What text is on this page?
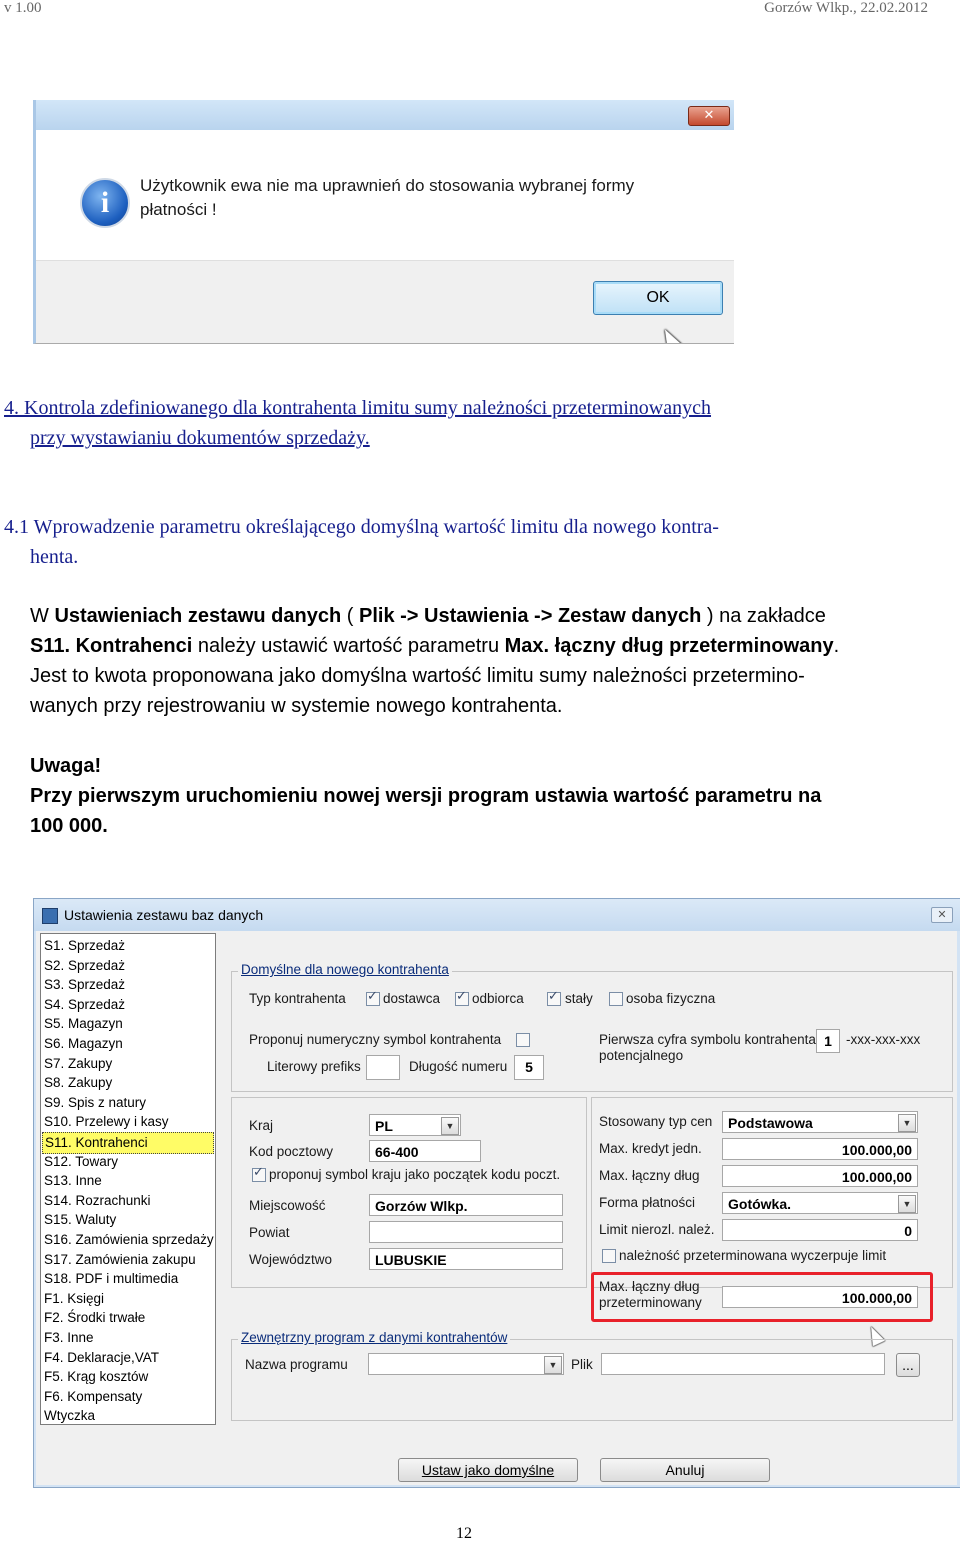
v 1.00	Gorzów Wlkp., 22.02.2012
✕
i
Użytkownik ewa nie ma uprawnień do stosowania wybranej formy
płatności !
OK
4. Kontrola zdefiniowanego dla kontrahenta limitu sumy należności przeterminowanych
przy wystawianiu dokumentów sprzedaży.
4.1 Wprowadzenie parametru określającego domyślną wartość limitu dla nowego kontra-
henta.
W Ustawieniach zestawu danych ( Plik -> Ustawienia -> Zestaw danych ) na zakładce
S11. Kontrahenci należy ustawić wartość parametru Max. łączny dług przeterminowany.
Jest to kwota proponowana jako domyślna wartość limitu sumy należności przetermino-
wanych przy rejestrowaniu w systemie nowego kontrahenta.
Uwaga!
Przy pierwszym uruchomieniu nowej wersji program ustawia wartość parametru na
100 000.
Ustawienia zestawu baz danych	✕
S1. Sprzedaż
S2. Sprzedaż
S3. Sprzedaż
S4. Sprzedaż
S5. Magazyn
S6. Magazyn
S7. Zakupy
S8. Zakupy
S9. Spis z natury
S10. Przelewy i kasy
S11. Kontrahenci
S12. Towary
S13. Inne
S14. Rozrachunki
S15. Waluty
S16. Zamówienia sprzedaży
S17. Zamówienia zakupu
S18. PDF i multimedia
F1. Księgi
F2. Środki trwałe
F3. Inne
F4. Deklaracje,VAT
F5. Krąg kosztów
F6. Kompensaty
Wtyczka
Domyślne dla nowego kontrahenta
Typ kontrahenta ✓	dostawca ✓ odbiorca ✓	stały osoba fizyczna
Proponuj numeryczny symbol kontrahenta
Literowy prefiks	Długość numeru	5
Pierwsza cyfra symbolu kontrahenta
potencjalnego
1	-xxx-xxx-xxx
Kraj	PL	▼
Kod pocztowy	66-400
✓
proponuj symbol kraju jako początek kodu poczt.
Miejscowość	Gorzów Wlkp.
Powiat
Województwo	LUBUSKIE
Stosowany typ cen	Podstawowa	▼
Max. kredyt jedn.	100.000,00
Max. łączny dług	100.000,00
Forma płatności	Gotówka.	▼
Limit nierozl. należ.	0
należność przeterminowana wyczerpuje limit
Max. łączny dług
przeterminowany	100.000,00
Zewnętrzny program z danymi kontrahentów
Nazwa programu	▼	Plik	...
Ustaw jako domyślne	Anuluj
12
